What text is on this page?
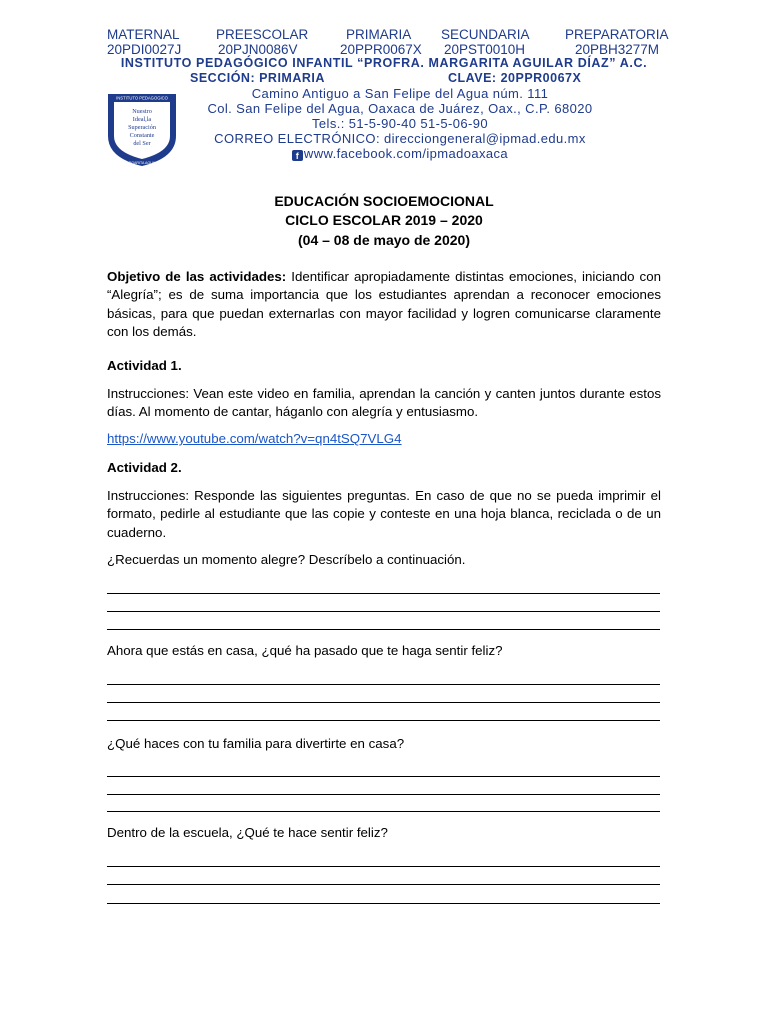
MATERNAL	PREESCOLAR	PRIMARIA SECUNDARIA	PREPARATORIA
20PDI0027J	20PJN0086V	20PPR0067X 20PST0010H	20PBH3277M
INSTITUTO PEDAGÓGICO INFANTIL “PROFRA. MARGARITA AGUILAR DÍAZ” A.C.
SECCIÓN: PRIMARIA	CLAVE: 20PPR0067X
INSTITUTO PEDAGOGICO
MARGARITA AGUILAR
Nuestro
Ideal,la
Superación
Constante
del Ser
Camino Antiguo a San Felipe del Agua núm. 111
Col. San Felipe del Agua, Oaxaca de Juárez, Oax., C.P. 68020
Tels.: 51-5-90-40 51-5-06-90
CORREO ELECTRÓNICO: direcciongeneral@ipmad.edu.mx
f www.facebook.com/ipmadoaxaca
EDUCACIÓN SOCIOEMOCIONAL
CICLO ESCOLAR 2019 – 2020
(04 – 08 de mayo de 2020)
Objetivo de las actividades: Identificar apropiadamente distintas emociones, iniciando con “Alegría”; es de suma importancia que los estudiantes aprendan a reconocer emociones básicas, para que puedan externarlas con mayor facilidad y logren comunicarse claramente con los demás.
Actividad 1.
Instrucciones: Vean este video en familia, aprendan la canción y canten juntos durante estos días. Al momento de cantar, háganlo con alegría y entusiasmo.
https://www.youtube.com/watch?v=qn4tSQ7VLG4
Actividad 2.
Instrucciones: Responde las siguientes preguntas. En caso de que no se pueda imprimir el formato, pedirle al estudiante que las copie y conteste en una hoja blanca, reciclada o de un cuaderno.
¿Recuerdas un momento alegre? Descríbelo a continuación.
Ahora que estás en casa, ¿qué ha pasado que te haga sentir feliz?
¿Qué haces con tu familia para divertirte en casa?
Dentro de la escuela, ¿Qué te hace sentir feliz?
